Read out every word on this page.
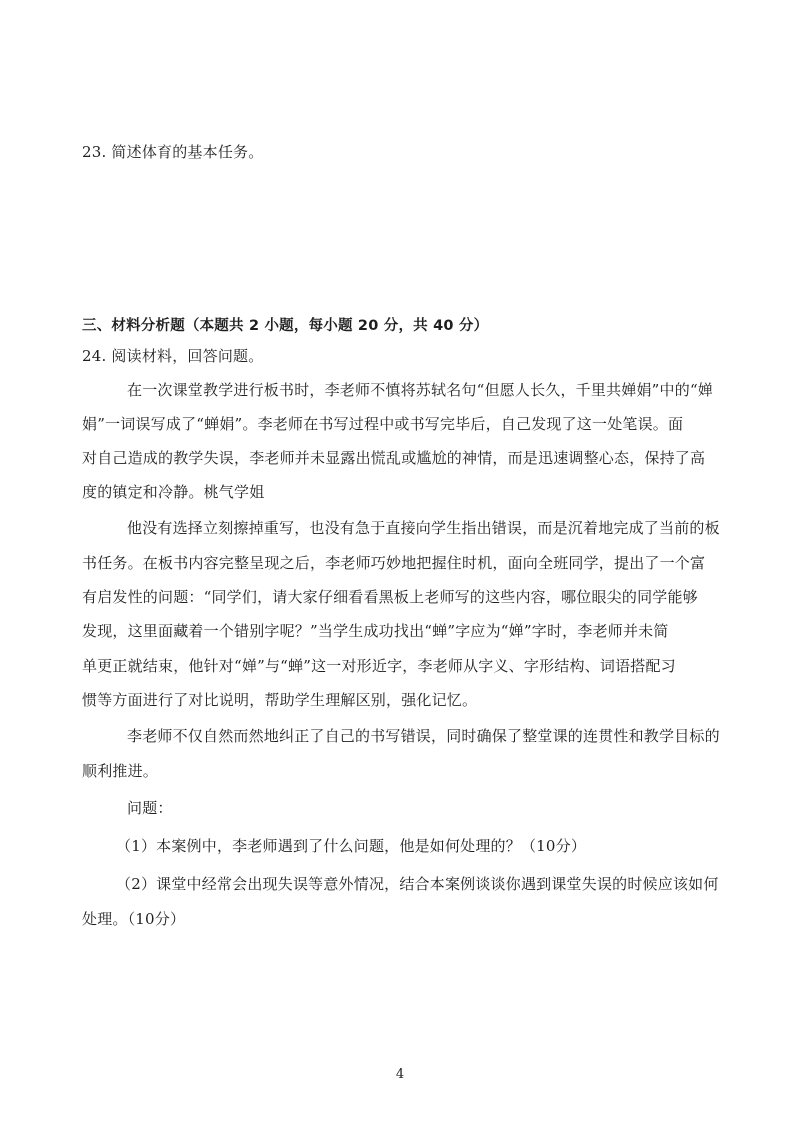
23. 简述体育的基本任务。
三、材料分析题（本题共 2 小题，每小题 20 分，共 40 分）
24. 阅读材料，回答问题。
在一次课堂教学进行板书时，李老师不慎将苏轼名句“但愿人长久，千里共婵娟”中的“婵
娟”一词误写成了“蝉娟”。李老师在书写过程中或书写完毕后，自己发现了这一处笔误。面
对自己造成的教学失误，李老师并未显露出慌乱或尴尬的神情，而是迅速调整心态，保持了高
度的镇定和冷静。桃气学姐
他没有选择立刻擦掉重写，也没有急于直接向学生指出错误，而是沉着地完成了当前的板
书任务。在板书内容完整呈现之后，李老师巧妙地把握住时机，面向全班同学，提出了一个富
有启发性的问题：“同学们，请大家仔细看看黑板上老师写的这些内容，哪位眼尖的同学能够
发现，这里面藏着一个错别字呢？”当学生成功找出“蝉”字应为“婵”字时，李老师并未简
单更正就结束，他针对“婵”与“蝉”这一对形近字，李老师从字义、字形结构、词语搭配习
惯等方面进行了对比说明，帮助学生理解区别，强化记忆。
李老师不仅自然而然地纠正了自己的书写错误，同时确保了整堂课的连贯性和教学目标的
顺利推进。
问题：
（1）本案例中，李老师遇到了什么问题，他是如何处理的？（10分）
（2）课堂中经常会出现失误等意外情况，结合本案例谈谈你遇到课堂失误的时候应该如何
处理。（10分）
4
